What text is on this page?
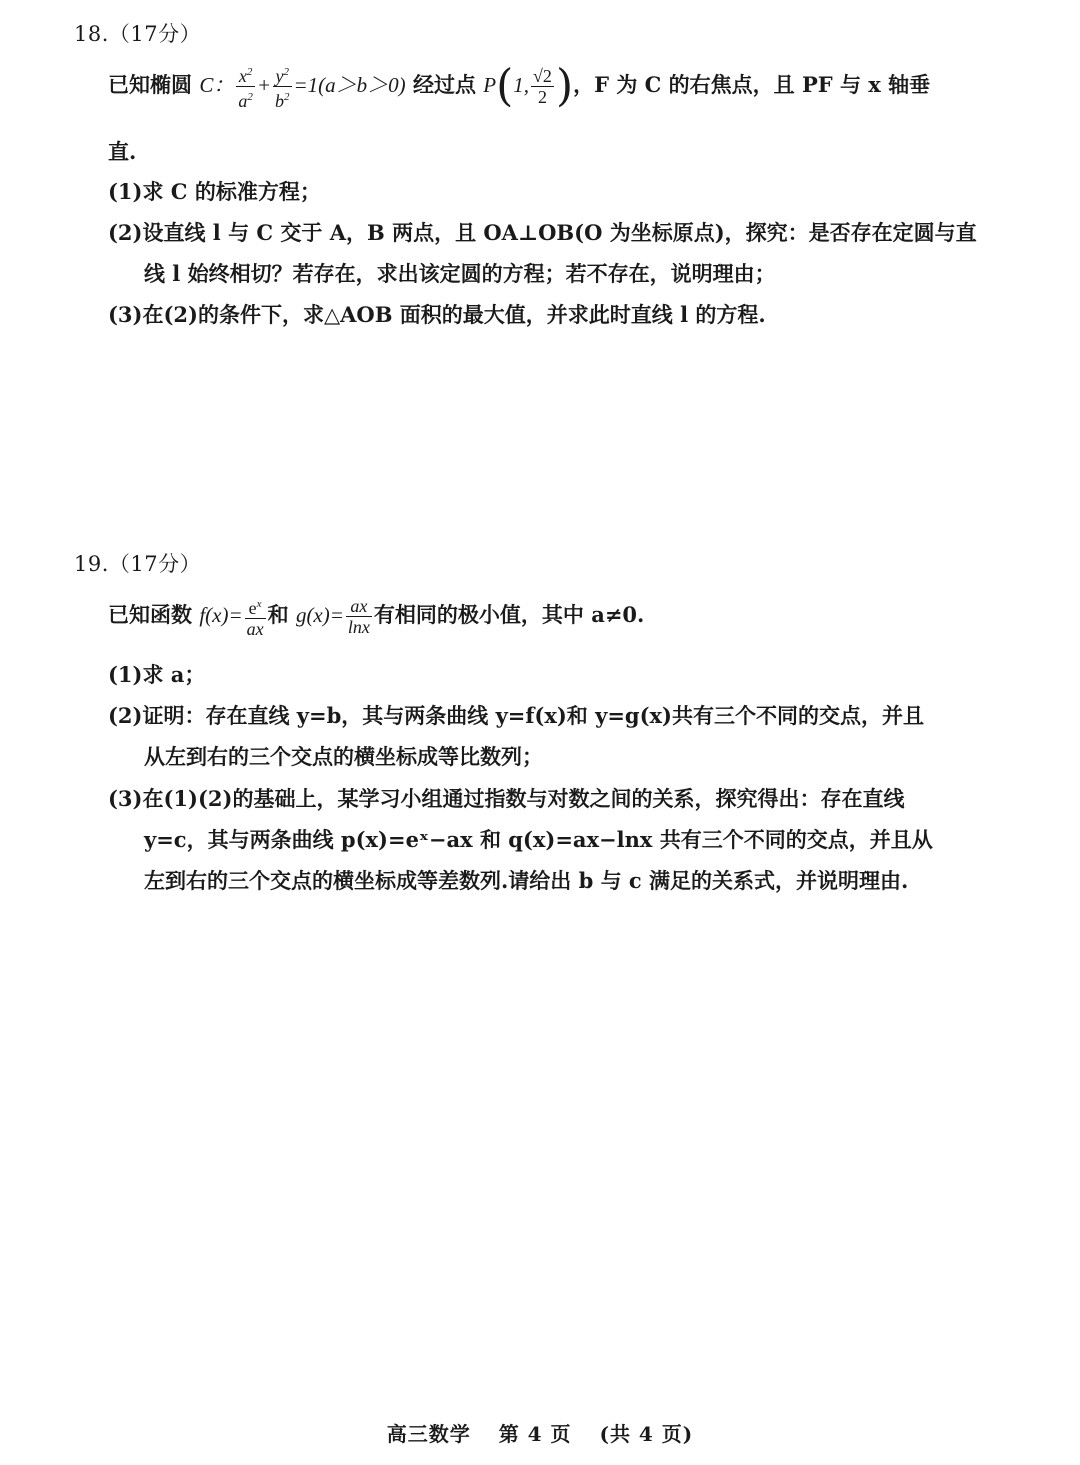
18.（17分）
已知椭圆 C： $\frac{x^2}{a^2} + \frac{y^2}{b^2} =1(a>b>0)$ 经过点 P(1, $\frac{√2}{2}$ )，F 为 C 的右焦点，且 PF 与 x 轴垂
直.
(1)求 C 的标准方程；
(2)设直线 l 与 C 交于 A，B 两点，且 OA⊥OB(O 为坐标原点)，探究：是否存在定圆与直
线 l 始终相切？若存在，求出该定圆的方程；若不存在，说明理由；
(3)在(2)的条件下，求△AOB 面积的最大值，并求此时直线 l 的方程.
19.（17分）
已知函数 $f(x)= \frac{e^x}{ax}$ 和 $g(x)= \frac{ax}{\ln x}$ 有相同的极小值，其中 a≠0.
(1)求 a；
(2)证明：存在直线 y=b，其与两条曲线 y=f(x)和 y=g(x)共有三个不同的交点，并且
从左到右的三个交点的横坐标成等比数列；
(3)在(1)(2)的基础上，某学习小组通过指数与对数之间的关系，探究得出：存在直线
y=c，其与两条曲线 p(x)=eˣ−ax 和 q(x)=ax−lnx 共有三个不同的交点，并且从
左到右的三个交点的横坐标成等差数列.请给出 b 与 c 满足的关系式，并说明理由.
高三数学 第 4 页 (共 4 页)
